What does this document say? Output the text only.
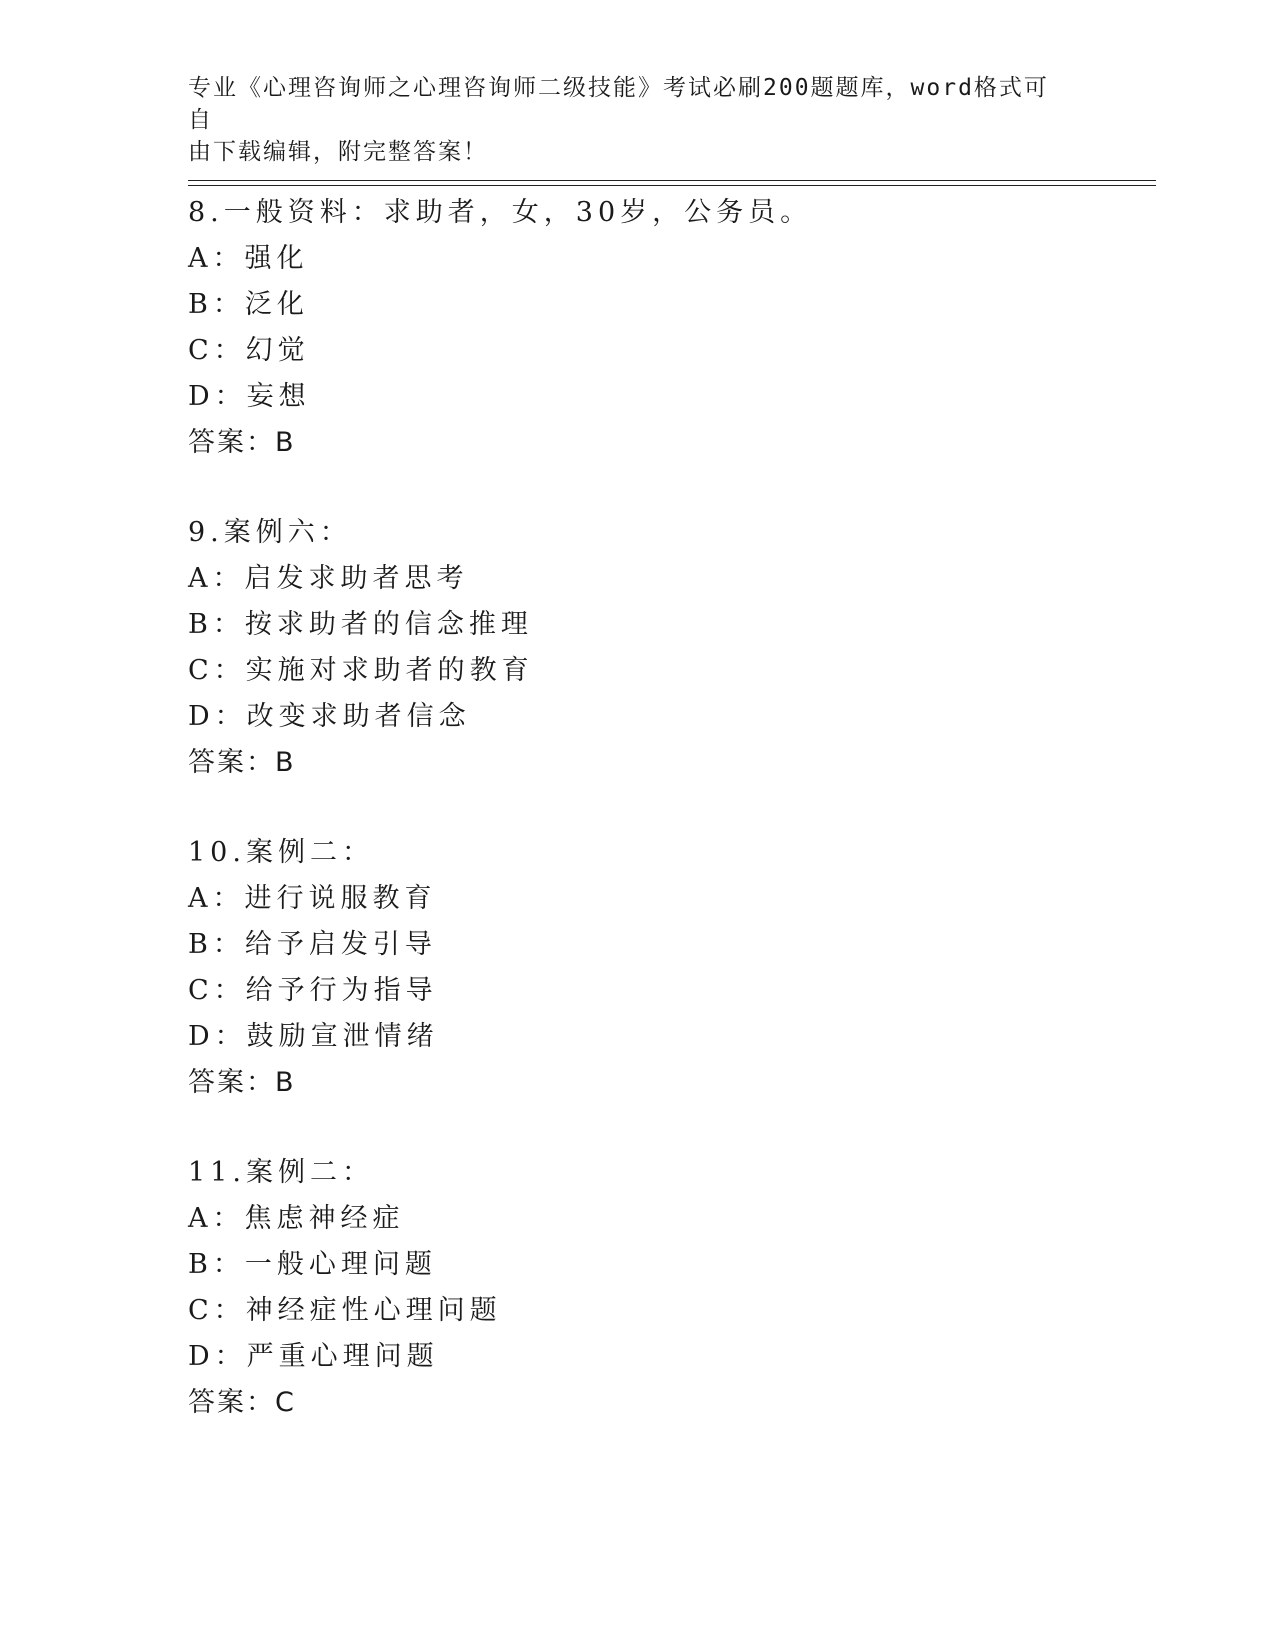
专业《心理咨询师之心理咨询师二级技能》考试必刷200题题库，word格式可自
由下载编辑，附完整答案！
8.一般资料：求助者，女，30岁，公务员。
A：强化
B：泛化
C：幻觉
D：妄想
答案：B
9.案例六：
A：启发求助者思考
B：按求助者的信念推理
C：实施对求助者的教育
D：改变求助者信念
答案：B
10.案例二：
A：进行说服教育
B：给予启发引导
C：给予行为指导
D：鼓励宣泄情绪
答案：B
11.案例二：
A：焦虑神经症
B：一般心理问题
C：神经症性心理问题
D：严重心理问题
答案：C
